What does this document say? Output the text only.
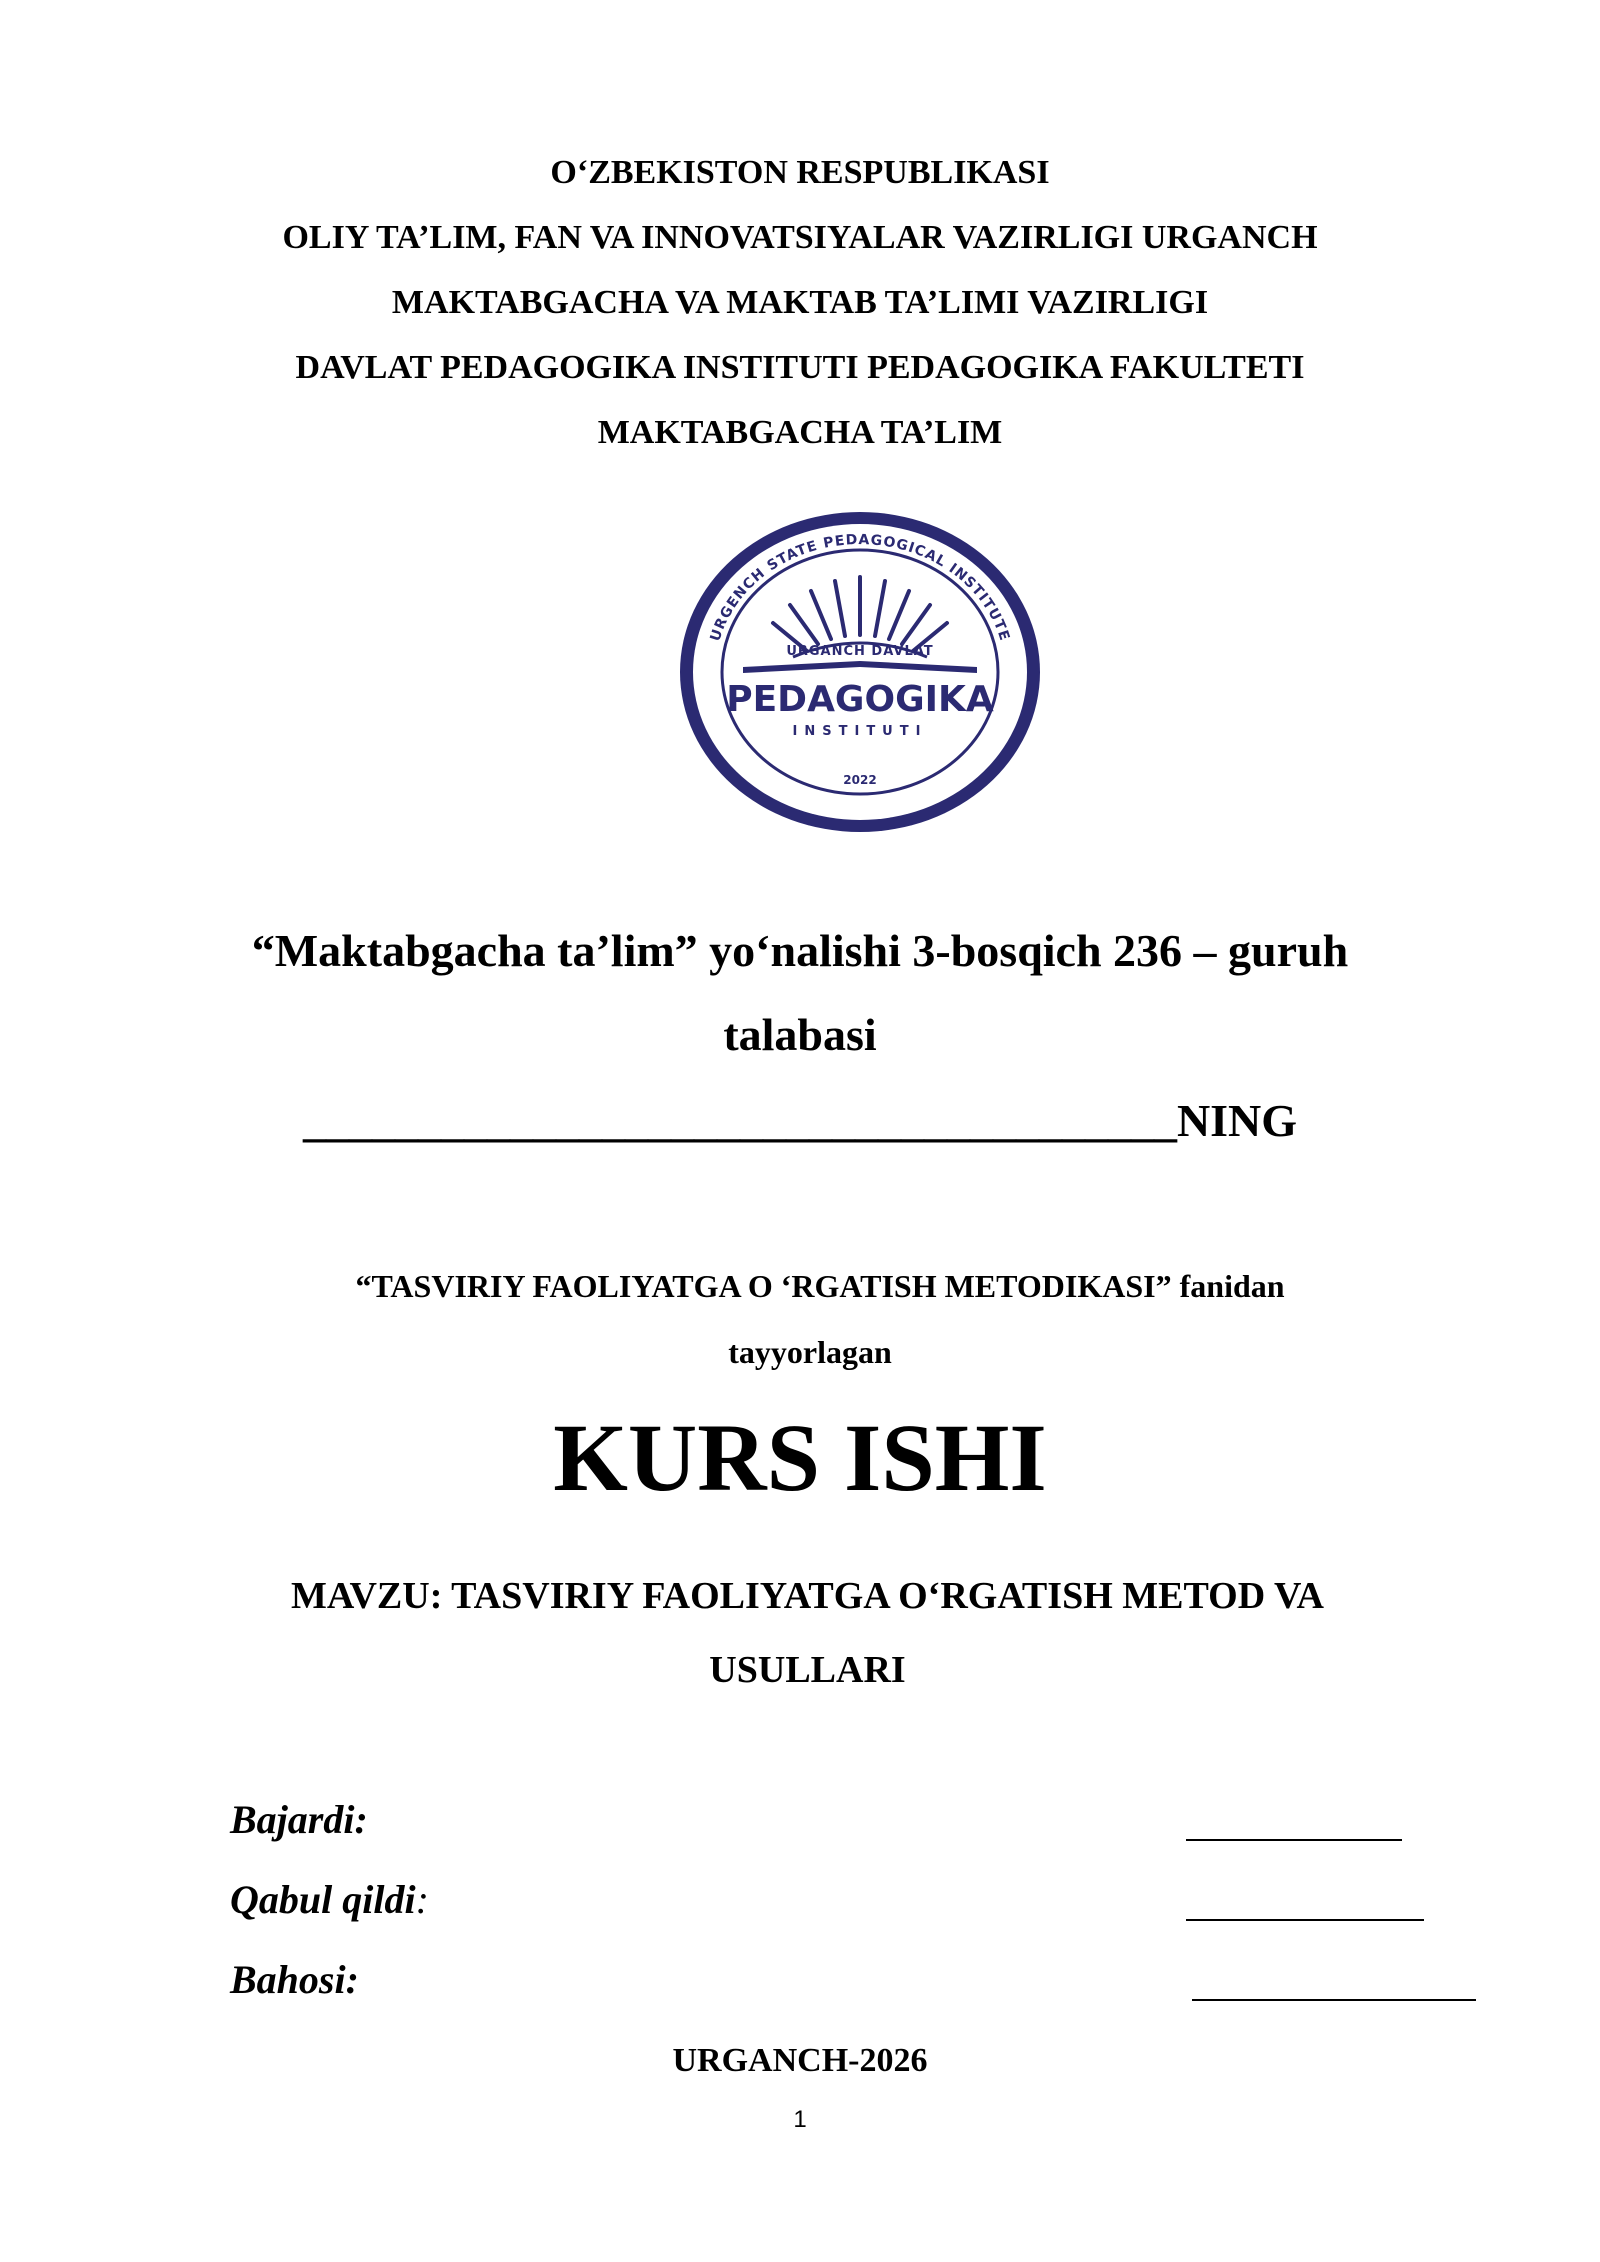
O‘ZBEKISTON RESPUBLIKASI
OLIY TA’LIM, FAN VA INNOVATSIYALAR VAZIRLIGI URGANCH
MAKTABGACHA VA MAKTAB TA’LIMI VAZIRLIGI
DAVLAT PEDAGOGIKA INSTITUTI PEDAGOGIKA FAKULTETI
MAKTABGACHA TA’LIM
URGENCH STATE PEDAGOGICAL INSTITUTE
УРГЕНЧСКИЙ ГОСУДАРСТВЕННЫЙ ПЕДАГОГИЧЕСКИЙ ИНСТИТУТ
URGANCH DAVLAT
PEDAGOGIKA
INSTITUTI
2022
“Maktabgacha ta’lim” yo‘nalishi 3-bosqich 236 – guruh
talabasi
______________________________________NING
“TASVIRIY FAOLIYATGA O ‘RGATISH METODIKASI” fanidan
tayyorlagan
KURS ISHI
MAVZU: TASVIRIY FAOLIYATGA O‘RGATISH METOD VA
USULLARI
Bajardi:
Qabul qildi:
Bahosi:
URGANCH-2026
1
